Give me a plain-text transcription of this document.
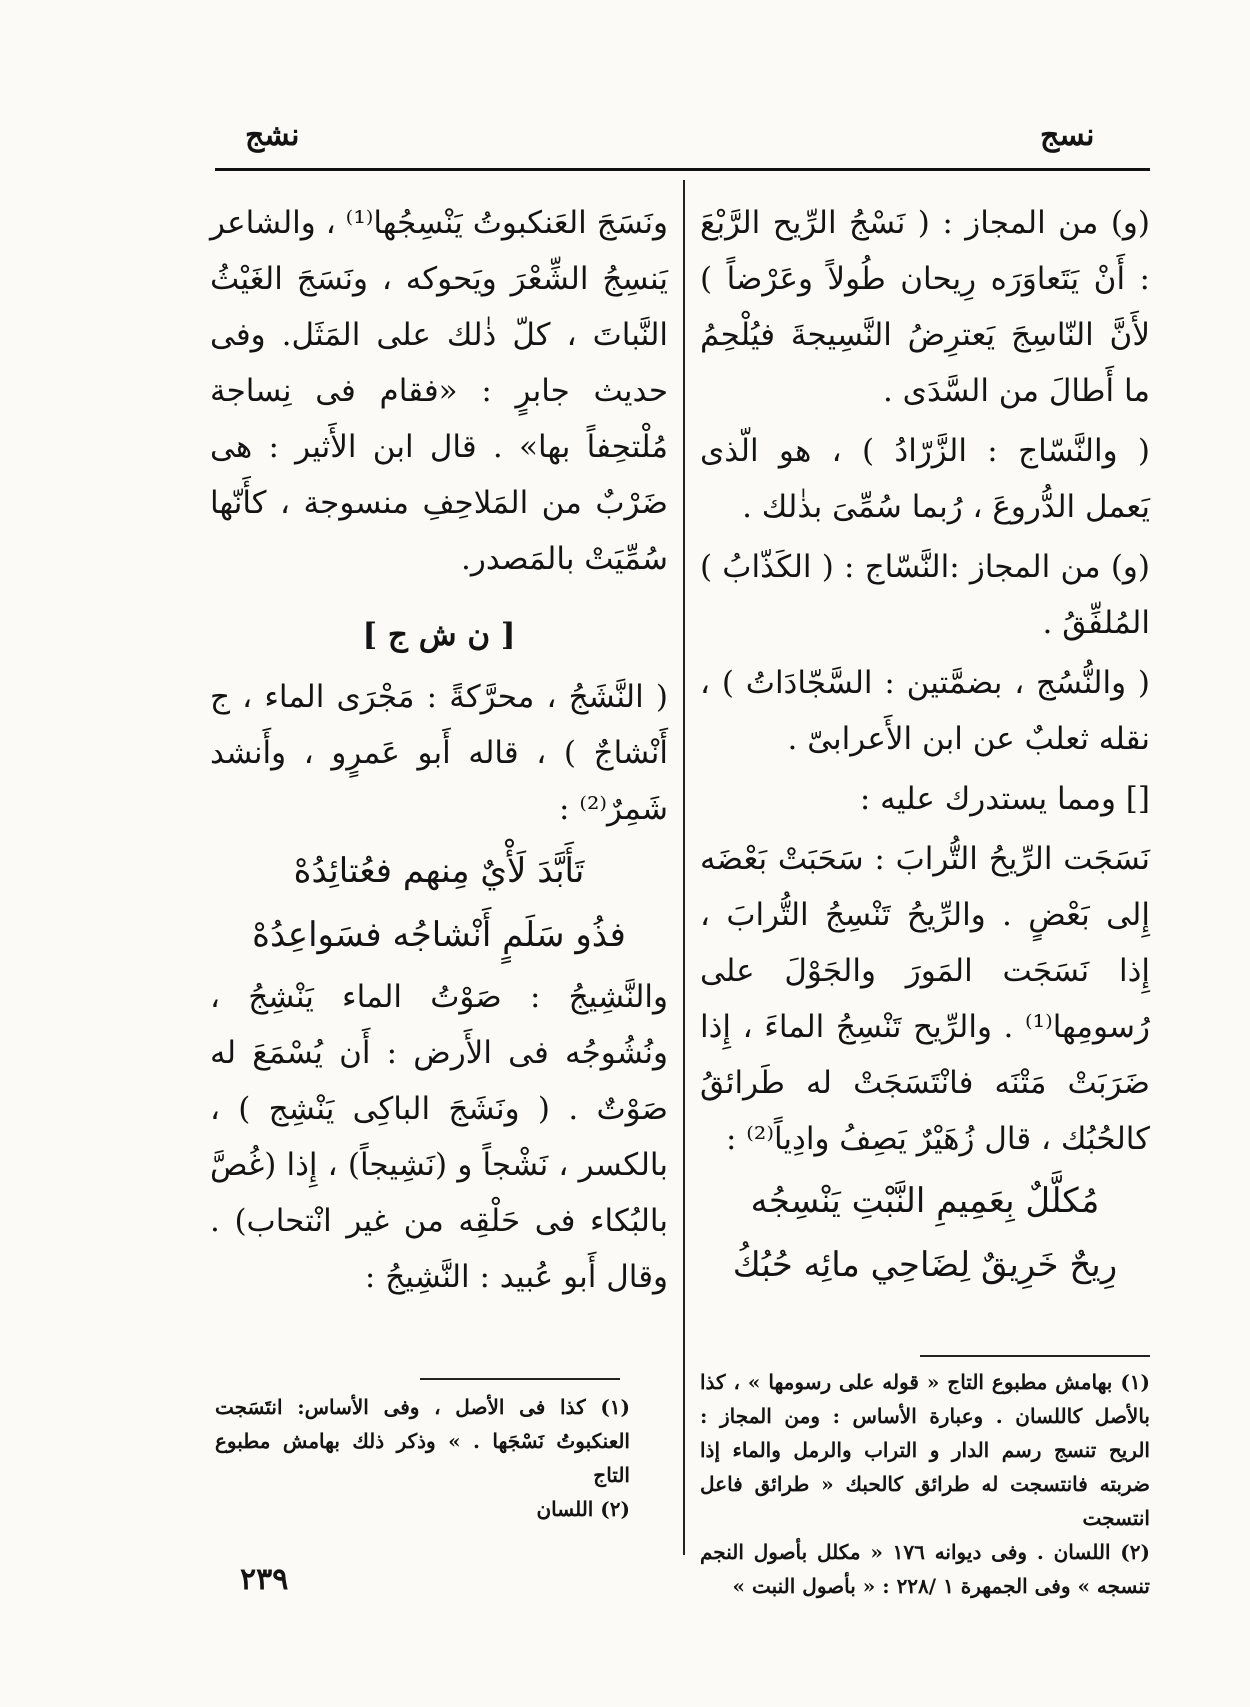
نسج
نشج

(و) من المجاز : ( نَسْجُ الرِّيح الرَّبْعَ : أَنْ يَتَعاوَرَه رِيحان طُولاً وعَرْضاً ) لأَنَّ النّاسِجَ يَعترِضُ النَّسِيجةَ فيُلْحِمُ ما أَطالَ من السَّدَى .

( والنَّسّاج : الزَّرّادُ ) ، هو الّذى يَعمل الدُّروعَ ، رُبما سُمِّىَ بذٰلك .

(و) من المجاز :النَّسّاج : ( الكَذّابُ ) المُلفِّقُ .

( والنُّسُج ، بضمَّتين : السَّجّادَاتُ ) ، نقله ثعلبٌ عن ابن الأَعرابىّ .

[] ومما يستدرك عليه :

نَسَجَت الرِّيحُ التُّرابَ : سَحَبَتْ بَعْضَه إِلى بَعْضٍ . والرِّيحُ تَنْسِجُ التُّرابَ ، إِذا نَسَجَت المَورَ والجَوْلَ على رُسومِها⁽¹⁾ . والرِّيح تَنْسِجُ الماءَ ، إِذا ضَرَبَتْ مَتْنَه فانْتَسَجَتْ له طَرائقُ كالحُبُك ، قال زُهَيْرٌ يَصِفُ وادِياً⁽²⁾ :

مُكلَّلٌ بِعَمِيمِ النَّبْتِ يَنْسِجُه
رِيحٌ خَرِيقٌ لِضَاحِي مائِه حُبُكُ

ونَسَجَ العَنكبوتُ يَنْسِجُها⁽¹⁾ ، والشاعر يَنسِجُ الشِّعْرَ ويَحوكه ، ونَسَجَ الغَيْثُ النَّباتَ ، كلّ ذٰلك على المَثَل. وفى حديث جابرٍ : «فقام فى نِساجة مُلْتحِفاً بها» . قال ابن الأَثير : هى ضَرْبٌ من المَلاحِفِ منسوجة ، كأَنّها سُمِّيَتْ بالمَصدر.

[ ن ش ج ]

( النَّشَجُ ، محرَّكةً : مَجْرَى الماء ، ج أَنْشاجٌ ) ، قاله أَبو عَمرٍو ، وأَنشد شَمِرٌ⁽²⁾ :

تَأَبَّدَ لَأْيٌ مِنهم فعُتائِدُهْ
فذُو سَلَمٍ أَنْشاجُه فسَواعِدُهْ

والنَّشِيجُ : صَوْتُ الماء يَنْشِجُ ، ونُشُوجُه فى الأَرض : أَن يُسْمَعَ له صَوْتٌ . ( ونَشَجَ الباكِى يَنْشِج ) ، بالكسر ، نَشْجاً و (نَشِيجاً) ، إِذا (غُصَّ بالبُكاء فى حَلْقِه من غير انْتحاب) . وقال أَبو عُبيد : النَّشِيجُ :

(١) بهامش مطبوع التاج « قوله على رسومها » ، كذا بالأصل كاللسان . وعبارة الأساس : ومن المجاز : الريح تنسج رسم الدار و التراب والرمل والماء إذا ضربته فانتسجت له طرائق كالحبك « طرائق فاعل انتسجت

(٢) اللسان . وفى ديوانه ١٧٦ « مكلل بأصول النجم تنسجه » وفى الجمهرة ١ /٢٢٨ : « بأصول النبت »

(١) كذا فى الأصل ، وفى الأساس: انتَسَجت العنكبوتُ نَسْجَها . » وذكر ذلك بهامش مطبوع التاج

(٢) اللسان

٢٣٩
